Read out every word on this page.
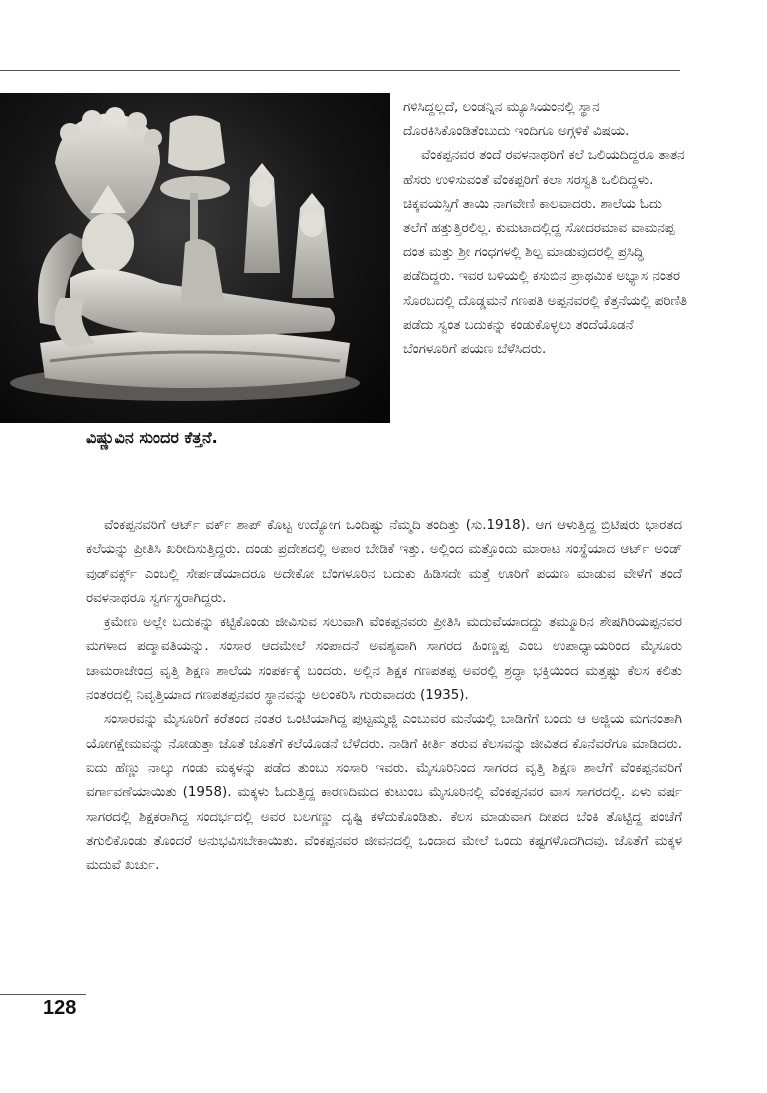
ವಿಷ್ಣುವಿನ ಸುಂದರ ಕೆತ್ತನೆ.

ಗಳಿಸಿದ್ದಲ್ಲದೆ, ಲಂಡನ್ನಿನ ಮ್ಯೂಸಿಯಂನಲ್ಲಿ ಸ್ಥಾನ ದೊರಕಿಸಿಕೊಂಡಿತೆಂಬುದು ಇಂದಿಗೂ ಅಗ್ಗಳಿಕೆ ವಿಷಯ.

ವೆಂಕಪ್ಪನವರ ತಂದೆ ರವಳನಾಥರಿಗೆ ಕಲೆ ಒಲಿಯದಿದ್ದರೂ ತಾತನ ಹೆಸರು ಉಳಿಸುವಂತೆ ವೆಂಕಪ್ಪರಿಗೆ ಕಲಾ ಸರಸ್ವತಿ ಒಲಿದಿದ್ದಳು. ಚಿಕ್ಕವಯಸ್ಸಿಗೆ ತಾಯಿ ನಾಗವೇಣಿ ಕಾಲವಾದರು. ಶಾಲೆಯ ಓದು ತಲೆಗೆ ಹತ್ತುತ್ತಿರಲಿಲ್ಲ. ಕುಮಟಾದಲ್ಲಿದ್ದ ಸೋದರಮಾವ ವಾಮನಪ್ಪ ದಂತ ಮತ್ತು ಶ್ರೀ ಗಂಧಗಳಲ್ಲಿ ಶಿಲ್ಪ ಮಾಡುವುದರಲ್ಲಿ ಪ್ರಸಿದ್ಧಿ ಪಡೆದಿದ್ದರು. ಇವರ ಬಳಿಯಲ್ಲಿ ಕಸುಬಿನ ಪ್ರಾಥಮಿಕ ಅಭ್ಯಾಸ ನಂತರ ಸೊರಬದಲ್ಲಿ ದೊಡ್ಡಮನೆ ಗಣಪತಿ ಅಪ್ಪನವರಲ್ಲಿ ಕೆತ್ತನೆಯಲ್ಲಿ ಪರಿಣಿತಿ ಪಡೆದು ಸ್ವಂತ ಬದುಕನ್ನು ಕಂಡುಕೊಳ್ಳಲು ತಂದೆಯೊಡನೆ ಬೆಂಗಳೂರಿಗೆ ಪಯಣ ಬೆಳೆಸಿದರು.

ವೆಂಕಪ್ಪನವರಿಗೆ ಆರ್ಟ್ ವರ್ಕ್ ಶಾಪ್ ಕೊಟ್ಟ ಉದ್ಯೋಗ ಒಂದಿಷ್ಟು ನೆಮ್ಮದಿ ತಂದಿತ್ತು (ಸು.1918). ಆಗ ಆಳುತ್ತಿದ್ದ ಬ್ರಿಟಿಷರು ಭಾರತದ ಕಲೆಯನ್ನು ಪ್ರೀತಿಸಿ ಖರೀದಿಸುತ್ತಿದ್ದರು. ದಂಡು ಪ್ರದೇಶದಲ್ಲಿ ಅಪಾರ ಬೇಡಿಕೆ ಇತ್ತು. ಅಲ್ಲಿಂದ ಮತ್ತೊಂದು ಮಾರಾಟ ಸಂಸ್ಥೆಯಾದ ಆರ್ಟ್ ಅಂಡ್ ವುಡ್‌ವರ್ಕ್ಸ್ ಎಂಬಲ್ಲಿ ಸೇರ್ಪಡೆಯಾದರೂ ಅದೇಕೋ ಬೆಂಗಳೂರಿನ ಬದುಕು ಹಿಡಿಸದೇ ಮತ್ತೆ ಊರಿಗೆ ಪಯಣ ಮಾಡುವ ವೇಳೆಗೆ ತಂದೆ ರವಳನಾಥರೂ ಸ್ವರ್ಗಸ್ಥರಾಗಿದ್ದರು.

ಕ್ರಮೇಣ ಅಲ್ಲೇ ಬದುಕನ್ನು ಕಟ್ಟಿಕೊಂಡು ಜೀವಿಸುವ ಸಲುವಾಗಿ ವೆಂಕಪ್ಪನವರು ಪ್ರೀತಿಸಿ ಮದುವೆಯಾದದ್ದು ತಮ್ಮೂರಿನ ಶೇಷಗಿರಿಯಪ್ಪನವರ ಮಗಳಾದ ಪದ್ಮಾವತಿಯನ್ನು. ಸಂಸಾರ ಆದಮೇಲೆ ಸಂಪಾದನೆ ಅವಶ್ಯವಾಗಿ ಸಾಗರದ ಹಿಂಣ್ಣಪ್ಪ ಎಂಬ ಉಪಾಧ್ಯಾಯರಿಂದ ಮೈಸೂರು ಚಾಮರಾಜೇಂದ್ರ ವೃತ್ತಿ ಶಿಕ್ಷಣ ಶಾಲೆಯ ಸಂಪರ್ಕಕ್ಕೆ ಬಂದರು. ಅಲ್ಲಿನ ಶಿಕ್ಷಕ ಗಣಪತಪ್ಪ ಅವರಲ್ಲಿ ಶ್ರದ್ಧಾ ಭಕ್ತಿಯಿಂದ ಮತ್ತಷ್ಟು ಕೆಲಸ ಕಲಿತು ನಂತರದಲ್ಲಿ ನಿವೃತ್ತಿಯಾದ ಗಣಪತಪ್ಪನವರ ಸ್ಥಾನವನ್ನು ಅಲಂಕರಿಸಿ ಗುರುವಾದರು (1935).

ಸಂಸಾರವನ್ನು ಮೈಸೂರಿಗೆ ಕರೆತಂದ ನಂತರ ಒಂಟಿಯಾಗಿದ್ದ ಪುಟ್ಟಮ್ಮಜ್ಜಿ ಎಂಬುವರ ಮನೆಯಲ್ಲಿ ಬಾಡಿಗೆಗೆ ಬಂದು ಆ ಅಜ್ಜಿಯ ಮಗನಂತಾಗಿ ಯೋಗಕ್ಷೇಮವನ್ನು ನೋಡುತ್ತಾ ಜೊತೆ ಜೊತೆಗೆ ಕಲೆಯೊಡನೆ ಬೆಳೆದರು. ನಾಡಿಗೆ ಕೀರ್ತಿ ತರುವ ಕೆಲಸವನ್ನು ಜೀವಿತದ ಕೊನೆವರೆಗೂ ಮಾಡಿದರು. ಐದು ಹೆಣ್ಣು ನಾಲ್ಕು ಗಂಡು ಮಕ್ಕಳನ್ನು ಪಡೆದ ತುಂಬು ಸಂಸಾರಿ ಇವರು. ಮೈಸೂರಿನಿಂದ ಸಾಗರದ ವೃತ್ತಿ ಶಿಕ್ಷಣ ಶಾಲೆಗೆ ವೆಂಕಪ್ಪನವರಿಗೆ ವರ್ಗಾವಣೆಯಾಯಿತು (1958). ಮಕ್ಕಳು ಓದುತ್ತಿದ್ದ ಕಾರಣದಿಮದ ಕುಟುಂಬ ಮೈಸೂರಿನಲ್ಲಿ ವೆಂಕಪ್ಪನವರ ವಾಸ ಸಾಗರದಲ್ಲಿ. ಏಳು ವರ್ಷ ಸಾಗರದಲ್ಲಿ ಶಿಕ್ಷಕರಾಗಿದ್ದ ಸಂದರ್ಭದಲ್ಲಿ ಅವರ ಬಲಗಣ್ಣು ದೃಷ್ಟಿ ಕಳೆದುಕೊಂಡಿತು. ಕೆಲಸ ಮಾಡುವಾಗ ದೀಪದ ಬೆಂಕಿ ತೊಟ್ಟಿದ್ದ ಪಂಚೆಗೆ ತಗುಲಿಕೊಂಡು ತೊಂದರೆ ಅನುಭವಿಸಬೇಕಾಯಿತು. ವೆಂಕಪ್ಪನವರ ಜೀವನದಲ್ಲಿ ಒಂದಾದ ಮೇಲೆ ಒಂದು ಕಷ್ಟಗಳೊದಗಿದವು. ಜೊತೆಗೆ ಮಕ್ಕಳ ಮದುವೆ ಖರ್ಚು.

128
